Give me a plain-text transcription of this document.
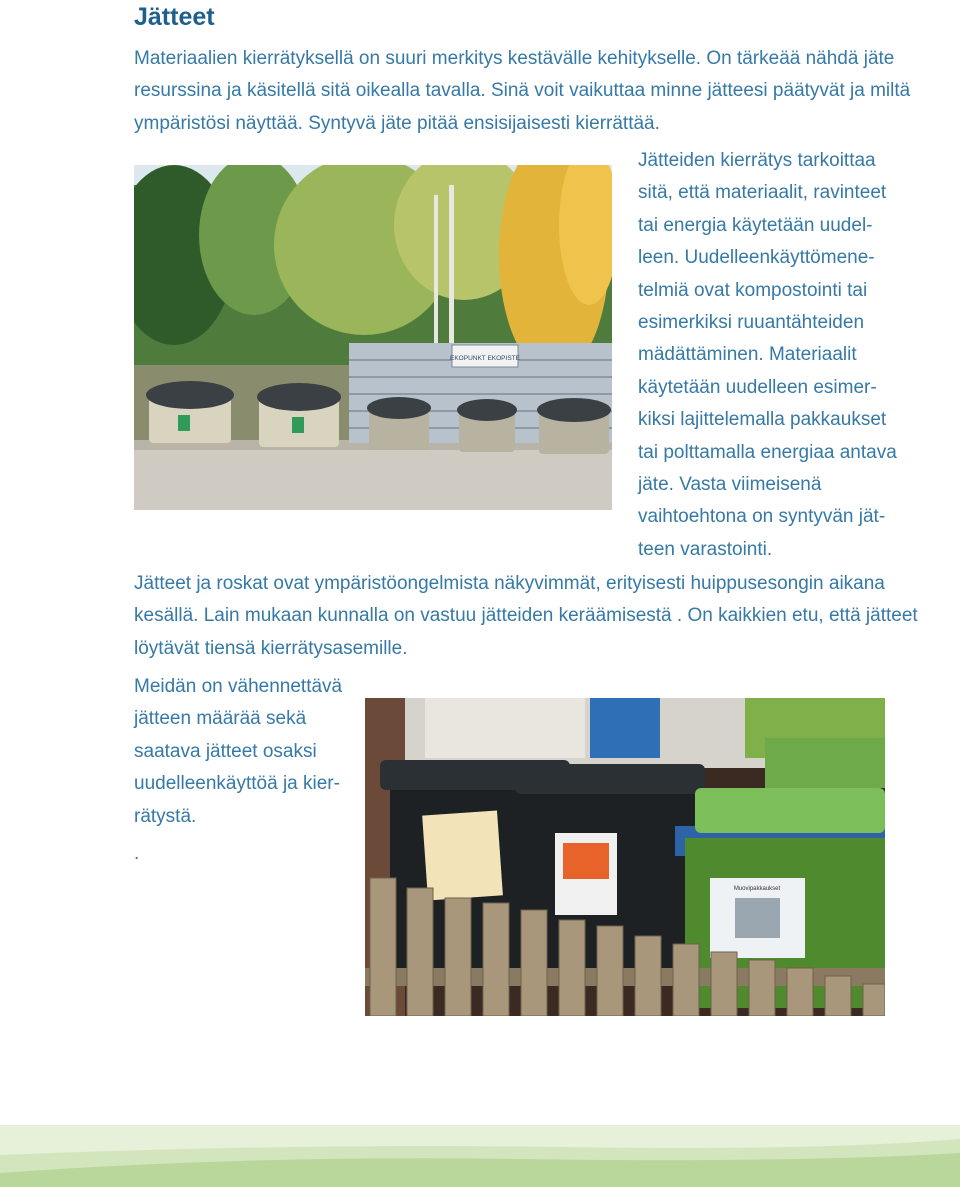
Jätteet

Materiaalien kierrätyksellä on suuri merkitys kestävälle kehitykselle. On tärkeää nähdä jäte resurssina ja käsitellä sitä oikealla tavalla. Sinä voit vaikuttaa minne jätteesi päätyvät ja miltä ympäristösi näyttää. Syntyvä jäte pitää ensisijaisesti kierrättää.

EKOPUNKT EKOPISTE

Jätteiden kierrätys tarkoittaa sitä, että materiaalit, ravinteet tai energia käytetään uudel- leen. Uudelleenkäyttömene- telmiä ovat kompostointi tai esimerkiksi ruuantähteiden mädättäminen. Materiaalit käytetään uudelleen esimer- kiksi lajittelemalla pakkaukset tai polttamalla energiaa antava jäte. Vasta viimeisenä vaihtoehtona on syntyvän jät- teen varastointi.

Jätteet ja roskat ovat ympäristöongelmista näkyvimmät, erityisesti huippusesongin aikana kesällä. Lain mukaan kunnalla on vastuu jätteiden keräämisestä . On kaikkien etu, että jätteet löytävät tiensä kierrätysasemille.

Meidän on vähennettävä jätteen määrää sekä saatava jätteet osaksi uudelleenkäyttöä ja kier- rätystä.

.

Muovipakkaukset
